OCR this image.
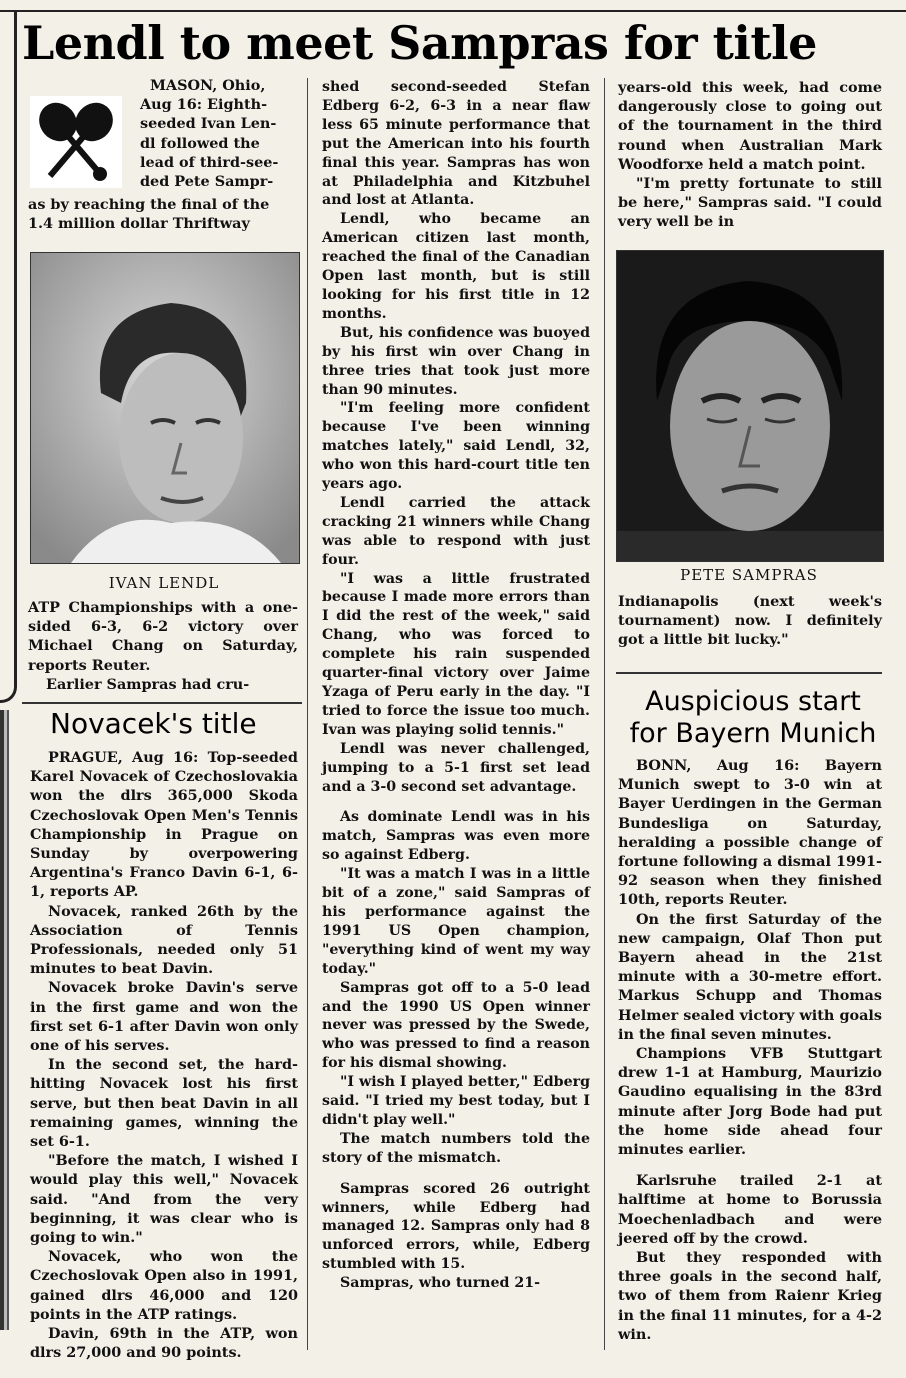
Lendl to meet Sampras for title
MASON, Ohio,
Aug 16: Eighth-
seeded Ivan Len-
dl followed the
lead of third-see-
ded Pete Sampr-
as by reaching the final of the
1.4 million dollar Thriftway
IVAN LENDL

ATP Championships with a one-sided 6-3, 6-2 victory over Michael Chang on Saturday, reports Reuter.

Earlier Sampras had cru-

shed second-seeded Stefan Edberg 6-2, 6-3 in a near flaw less 65 minute performance that put the American into his fourth final this year. Sampras has won at Philadelphia and Kitzbuhel and lost at Atlanta.

Lendl, who became an American citizen last month, reached the final of the Canadian Open last month, but is still looking for his first title in 12 months.

But, his confidence was buoyed by his first win over Chang in three tries that took just more than 90 minutes.

"I'm feeling more confident because I've been winning matches lately," said Lendl, 32, who won this hard-court title ten years ago.

Lendl carried the attack cracking 21 winners while Chang was able to respond with just four.

"I was a little frustrated because I made more errors than I did the rest of the week," said Chang, who was forced to complete his rain suspended quarter-final victory over Jaime Yzaga of Peru early in the day. "I tried to force the issue too much. Ivan was playing solid tennis."

Lendl was never challenged, jumping to a 5-1 first set lead and a 3-0 second set advantage.

As dominate Lendl was in his match, Sampras was even more so against Edberg.

"It was a match I was in a little bit of a zone," said Sampras of his performance against the 1991 US Open champion, "everything kind of went my way today."

Sampras got off to a 5-0 lead and the 1990 US Open winner never was pressed by the Swede, who was pressed to find a reason for his dismal showing.

"I wish I played better," Edberg said. "I tried my best today, but I didn't play well."

The match numbers told the story of the mismatch.

Sampras scored 26 outright winners, while Edberg had managed 12. Sampras only had 8 unforced errors, while, Edberg stumbled with 15.

Sampras, who turned 21-

years-old this week, had come dangerously close to going out of the tournament in the third round when Australian Mark Woodforxe held a match point.

"I'm pretty fortunate to still be here," Sampras said. "I could very well be in

PETE SAMPRAS

Indianapolis (next week's tournament) now. I definitely got a little bit lucky."

Novacek's title

PRAGUE, Aug 16: Top-seeded Karel Novacek of Czechoslovakia won the dlrs 365,000 Skoda Czechoslovak Open Men's Tennis Championship in Prague on Sunday by overpowering Argentina's Franco Davin 6-1, 6-1, reports AP.

Novacek, ranked 26th by the Association of Tennis Professionals, needed only 51 minutes to beat Davin.

Novacek broke Davin's serve in the first game and won the first set 6-1 after Davin won only one of his serves.

In the second set, the hard-hitting Novacek lost his first serve, but then beat Davin in all remaining games, winning the set 6-1.

"Before the match, I wished I would play this well," Novacek said. "And from the very beginning, it was clear who is going to win."

Novacek, who won the Czechoslovak Open also in 1991, gained dlrs 46,000 and 120 points in the ATP ratings.

Davin, 69th in the ATP, won dlrs 27,000 and 90 points.

Auspicious start
for Bayern Munich

BONN, Aug 16: Bayern Munich swept to 3-0 win at Bayer Uerdingen in the German Bundesliga on Saturday, heralding a possible change of fortune following a dismal 1991-92 season when they finished 10th, reports Reuter.

On the first Saturday of the new campaign, Olaf Thon put Bayern ahead in the 21st minute with a 30-metre effort. Markus Schupp and Thomas Helmer sealed victory with goals in the final seven minutes.

Champions VFB Stuttgart drew 1-1 at Hamburg, Maurizio Gaudino equalising in the 83rd minute after Jorg Bode had put the home side ahead four minutes earlier.

Karlsruhe trailed 2-1 at halftime at home to Borussia Moechenladbach and were jeered off by the crowd.

But they responded with three goals in the second half, two of them from Raienr Krieg in the final 11 minutes, for a 4-2 win.
